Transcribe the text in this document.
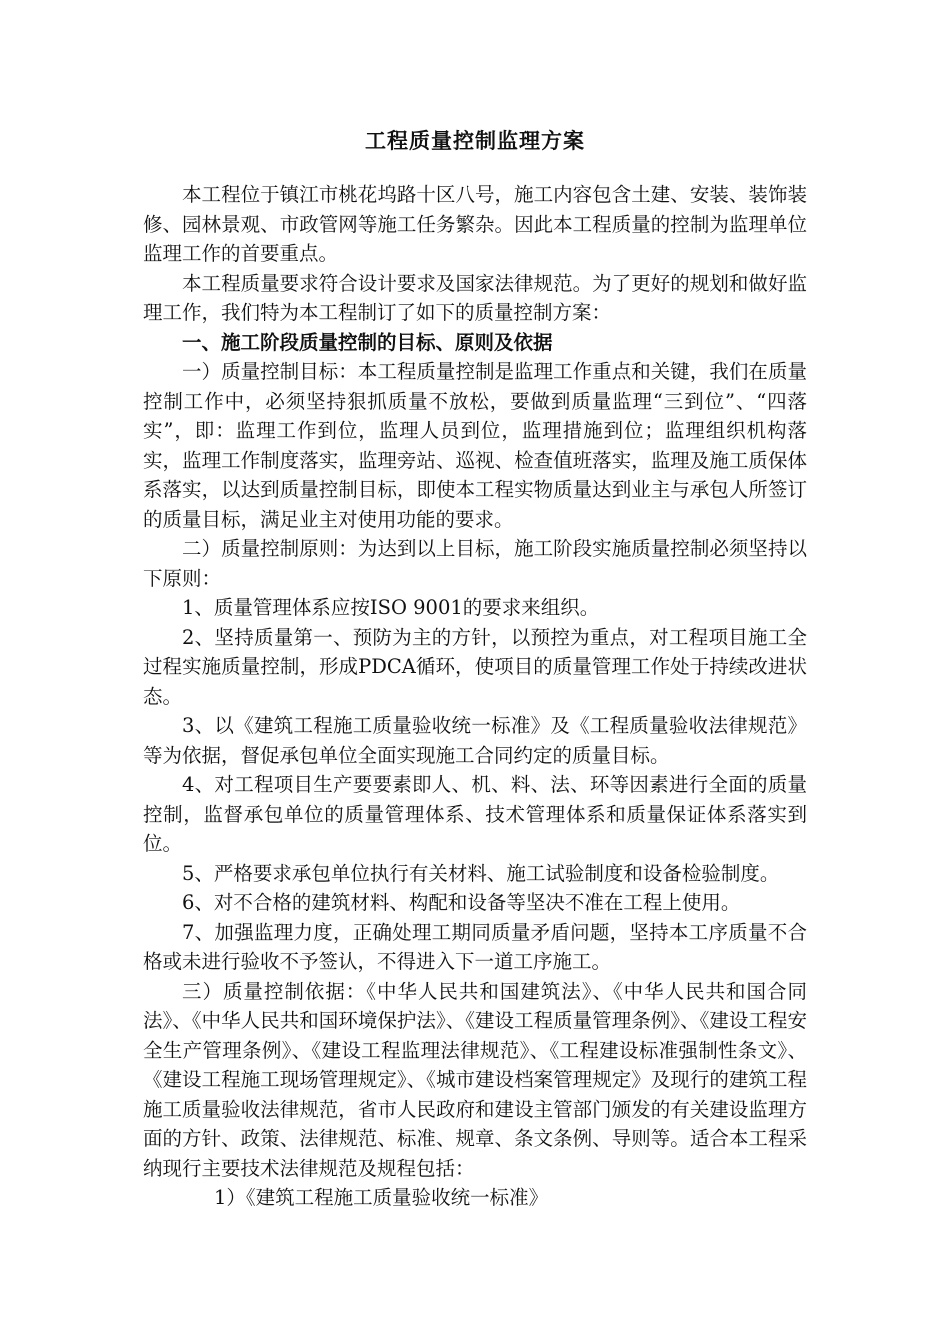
工程质量控制监理方案

本工程位于镇江市桃花坞路十区八号，施工内容包含土建、安装、装饰装修、园林景观、市政管网等施工任务繁杂。因此本工程质量的控制为监理单位监理工作的首要重点。

本工程质量要求符合设计要求及国家法律规范。为了更好的规划和做好监理工作，我们特为本工程制订了如下的质量控制方案：

一、施工阶段质量控制的目标、原则及依据

一）质量控制目标：本工程质量控制是监理工作重点和关键，我们在质量控制工作中，必须坚持狠抓质量不放松，要做到质量监理“三到位”、“四落实”，即：监理工作到位，监理人员到位，监理措施到位；监理组织机构落实，监理工作制度落实，监理旁站、巡视、检查值班落实，监理及施工质保体系落实，以达到质量控制目标，即使本工程实物质量达到业主与承包人所签订的质量目标，满足业主对使用功能的要求。

二）质量控制原则：为达到以上目标，施工阶段实施质量控制必须坚持以下原则：

1、质量管理体系应按ISO 9001的要求来组织。

2、坚持质量第一、预防为主的方针，以预控为重点，对工程项目施工全过程实施质量控制，形成PDCA循环，使项目的质量管理工作处于持续改进状态。

3、以《建筑工程施工质量验收统一标准》及《工程质量验收法律规范》等为依据，督促承包单位全面实现施工合同约定的质量目标。

4、对工程项目生产要要素即人、机、料、法、环等因素进行全面的质量控制，监督承包单位的质量管理体系、技术管理体系和质量保证体系落实到位。

5、严格要求承包单位执行有关材料、施工试验制度和设备检验制度。

6、对不合格的建筑材料、构配和设备等坚决不准在工程上使用。

7、加强监理力度，正确处理工期同质量矛盾问题，坚持本工序质量不合格或未进行验收不予签认，不得进入下一道工序施工。

三）质量控制依据：《中华人民共和国建筑法》、《中华人民共和国合同法》、《中华人民共和国环境保护法》、《建设工程质量管理条例》、《建设工程安全生产管理条例》、《建设工程监理法律规范》、《工程建设标准强制性条文》、《建设工程施工现场管理规定》、《城市建设档案管理规定》及现行的建筑工程施工质量验收法律规范，省市人民政府和建设主管部门颁发的有关建设监理方面的方针、政策、法律规范、标准、规章、条文条例、导则等。适合本工程采纳现行主要技术法律规范及规程包括：

1）《建筑工程施工质量验收统一标准》
